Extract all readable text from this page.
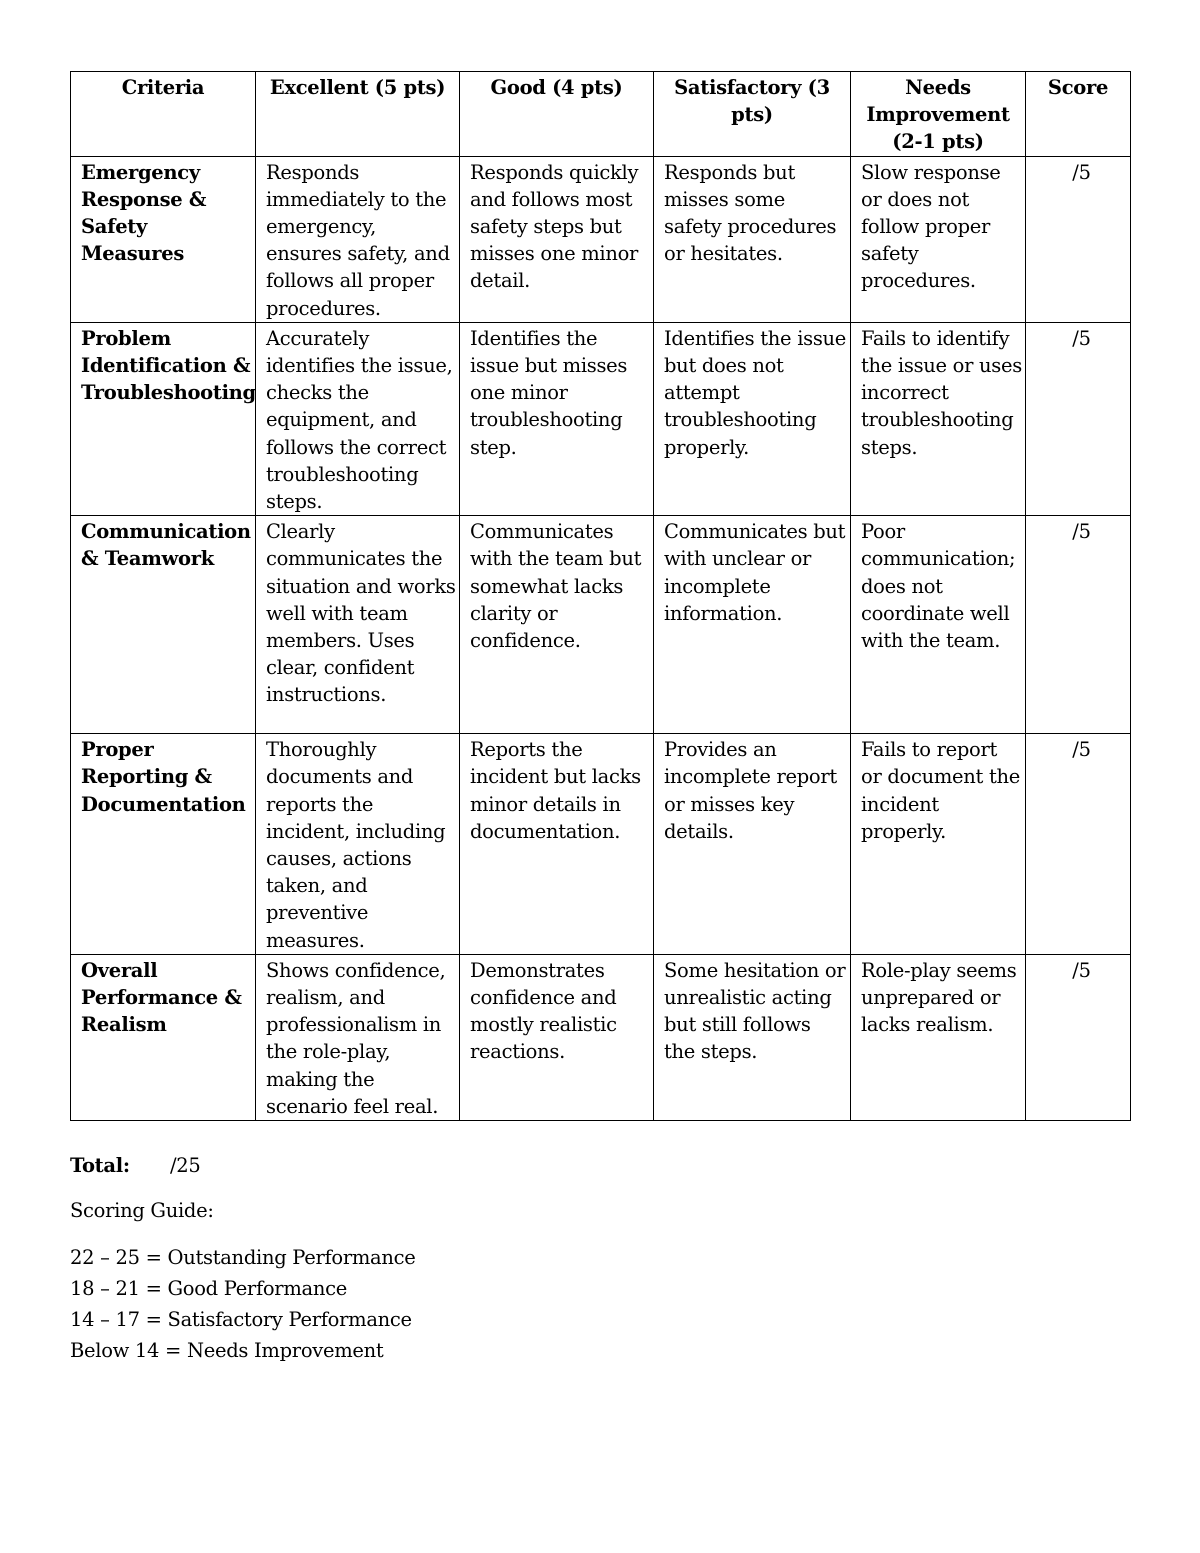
Criteria	Excellent (5 pts)	Good (4 pts)	Satisfactory (3 pts)	Needs Improvement (2-1 pts)	Score
Emergency Response & Safety Measures	Responds immediately to the emergency, ensures safety, and follows all proper procedures.	Responds quickly and follows most safety steps but misses one minor detail.	Responds but misses some safety procedures or hesitates.	Slow response or does not follow proper safety procedures.	/5
Problem Identification & Troubleshooting	Accurately identifies the issue, checks the equipment, and follows the correct troubleshooting steps.	Identifies the issue but misses one minor troubleshooting step.	Identifies the issue but does not attempt troubleshooting properly.	Fails to identify the issue or uses incorrect troubleshooting steps.	/5
Communication & Teamwork	Clearly communicates the situation and works well with team members. Uses clear, confident instructions.	Communicates with the team but somewhat lacks clarity or confidence.	Communicates but with unclear or incomplete information.	Poor communication; does not coordinate well with the team.	/5
Proper Reporting & Documentation	Thoroughly documents and reports the incident, including causes, actions taken, and preventive measures.	Reports the incident but lacks minor details in documentation.	Provides an incomplete report or misses key details.	Fails to report or document the incident properly.	/5
Overall Performance & Realism	Shows confidence, realism, and professionalism in the role-play, making the scenario feel real.	Demonstrates confidence and mostly realistic reactions.	Some hesitation or unrealistic acting but still follows the steps.	Role-play seems unprepared or lacks realism.	/5

Total: /25

Scoring Guide:

22 – 25 = Outstanding Performance

18 – 21 = Good Performance

14 – 17 = Satisfactory Performance

Below 14 = Needs Improvement
